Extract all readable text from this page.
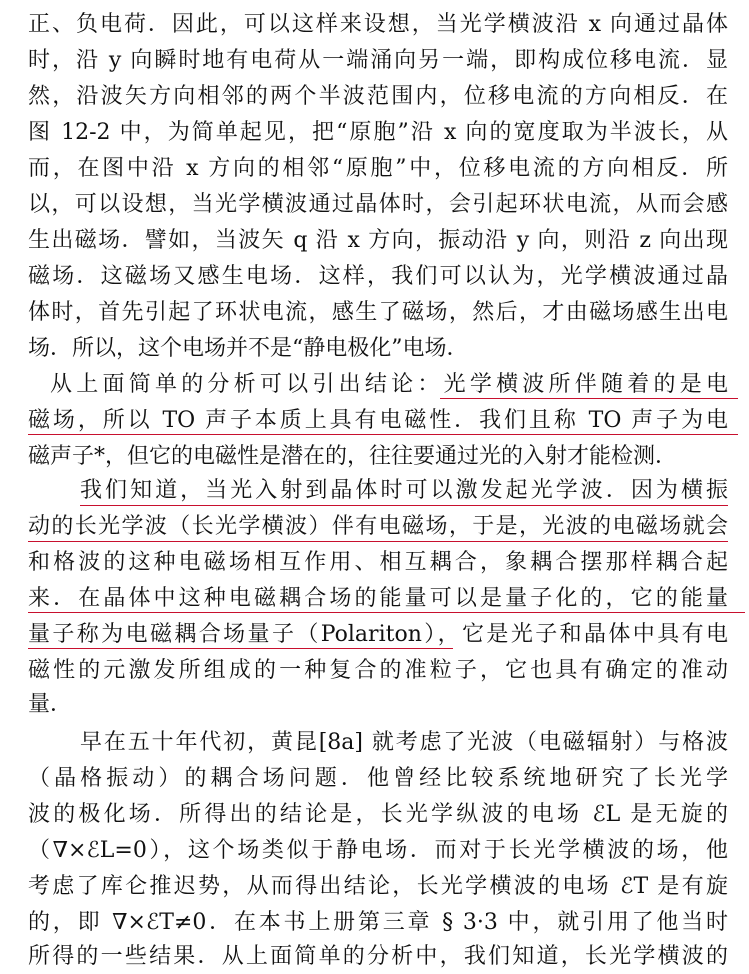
正、负电荷．因此，可以这样来设想，当光学横波沿 x 向通过晶体
时，沿 y 向瞬时地有电荷从一端涌向另一端，即构成位移电流．显
然，沿波矢方向相邻的两个半波范围内，位移电流的方向相反．在
图 12-2 中，为简单起见，把“原胞”沿 x 向的宽度取为半波长，从
而，在图中沿 x 方向的相邻“原胞”中，位移电流的方向相反．所
以，可以设想，当光学横波通过晶体时，会引起环状电流，从而会感
生出磁场．譬如，当波矢 q 沿 x 方向，振动沿 y 向，则沿 z 向出现
磁场．这磁场又感生电场．这样，我们可以认为，光学横波通过晶
体时，首先引起了环状电流，感生了磁场，然后，才由磁场感生出电
场．所以，这个电场并不是“静电极化”电场．
从上面简单的分析可以引出结论：光学横波所伴随着的是电
磁场，所以 TO 声子本质上具有电磁性．我们且称 TO 声子为电
磁声子*，但它的电磁性是潜在的，往往要通过光的入射才能检测．
我们知道，当光入射到晶体时可以激发起光学波．因为横振
动的长光学波（长光学横波）伴有电磁场，于是，光波的电磁场就会
和格波的这种电磁场相互作用、相互耦合，象耦合摆那样耦合起
来．在晶体中这种电磁耦合场的能量可以是量子化的，它的能量
量子称为电磁耦合场量子（Polariton），它是光子和晶体中具有电
磁性的元激发所组成的一种复合的准粒子，它也具有确定的准动
量．
早在五十年代初，黄昆[8a] 就考虑了光波（电磁辐射）与格波
（晶格振动）的耦合场问题．他曾经比较系统地研究了长光学
波的极化场．所得出的结论是，长光学纵波的电场 ℰL 是无旋的
（∇×ℰL=0），这个场类似于静电场．而对于长光学横波的场，他
考虑了库仑推迟势，从而得出结论，长光学横波的电场 ℰT 是有旋
的，即 ∇×ℰT≠0．在本书上册第三章 § 3·3 中，就引用了他当时
所得的一些结果．从上面简单的分析中，我们知道，长光学横波的
